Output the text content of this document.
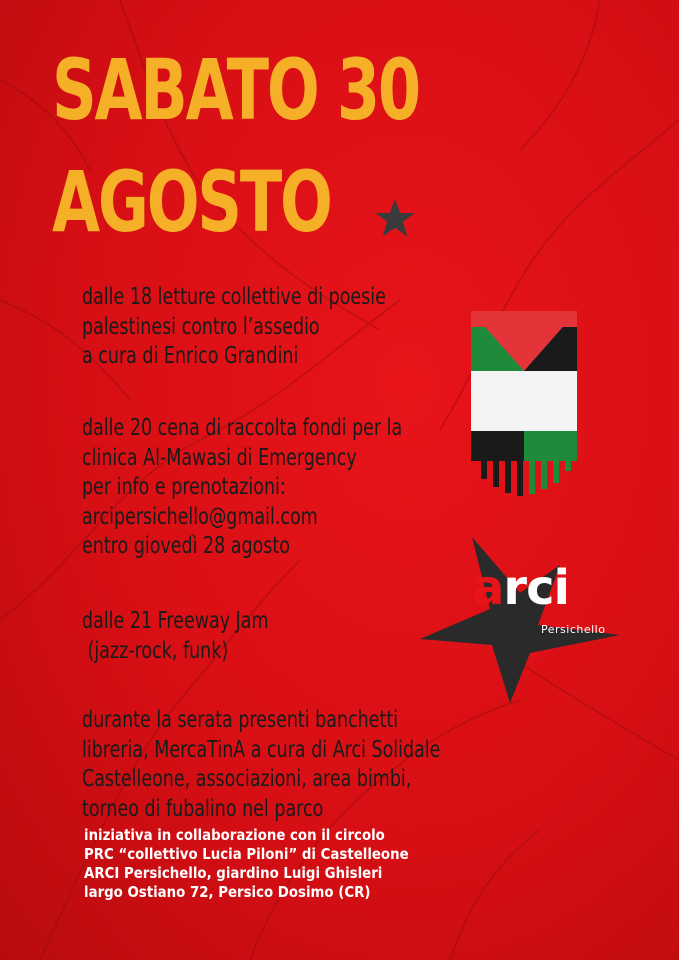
SABATO 30
AGOSTO
dalle 18 letture collettive di poesie
palestinesi contro l’assedio
a cura di Enrico Grandini
dalle 20 cena di raccolta fondi per la
clinica Al-Mawasi di Emergency
per info e prenotazioni:
arcipersichello@gmail.com
entro giovedì 28 agosto
dalle 21 Freeway Jam
(jazz-rock, funk)
durante la serata presenti banchetti
libreria, MercaTinA a cura di Arci Solidale
Castelleone, associazioni, area bimbi,
torneo di fubalino nel parco
iniziativa in collaborazione con il circolo
PRC “collettivo Lucia Piloni” di Castelleone
ARCI Persichello, giardino Luigi Ghisleri
largo Ostiano 72, Persico Dosimo (CR)

arci

Persichello
